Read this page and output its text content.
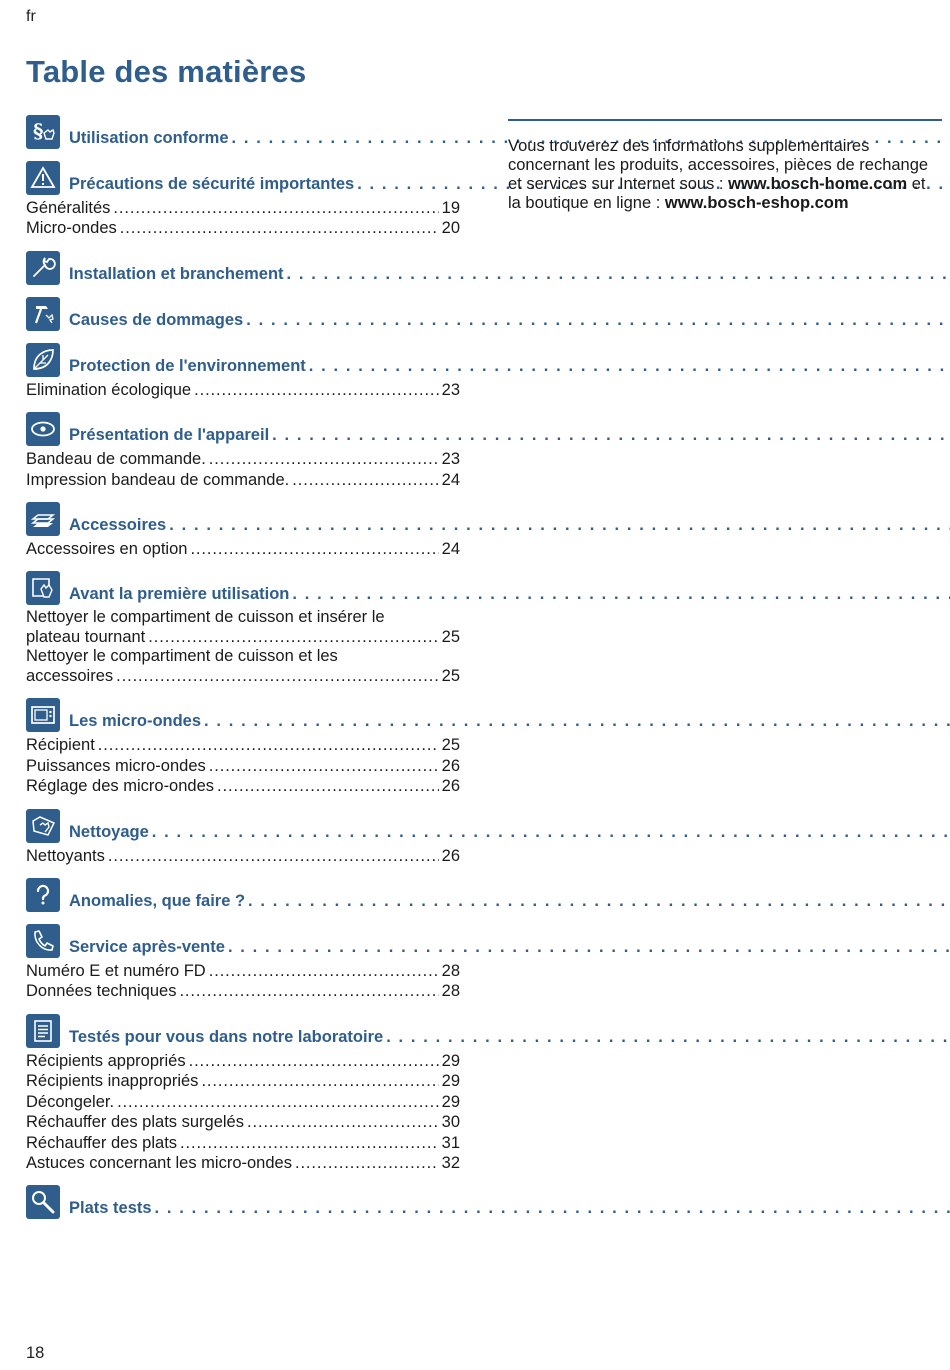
fr
Table des matières
§ Utilisation conforme
. . .
Précautions de sécurité importantes
. . .
Généralités .....	19
Micro-ondes .....	20
Installation et branchement
. . .
Causes de dommages
. . .
Protection de l'environnement
. . .
Elimination écologique .....	23
Présentation de l'appareil
. . .
Bandeau de commande. .....	23
Impression bandeau de commande. .....	24
Accessoires
. . .
Accessoires en option .....	24
Avant la première utilisation
. . .
Nettoyer le compartiment de cuisson et insérer le
plateau tournant .....	25
Nettoyer le compartiment de cuisson et les
accessoires .....	25
Les micro-ondes
. . .
Récipient .....	25
Puissances micro-ondes .....	26
Réglage des micro-ondes .....	26
Nettoyage
. . .
Nettoyants .....	26
Anomalies, que faire ?
. . .
Service après-vente
. . .
Numéro E et numéro FD .....	28
Données techniques .....	28
Testés pour vous dans notre laboratoire
. . .
Récipients appropriés .....	29
Récipients inappropriés .....	29
Décongeler. .....	29
Réchauffer des plats surgelés .....	30
Réchauffer des plats .....	31
Astuces concernant les micro-ondes .....	32
Plats tests
. . .
Vous trouverez des informations supplementaires concernant les produits, accessoires, pièces de rechange et services sur Internet sous : www.bosch-home.com et la boutique en ligne : www.bosch-eshop.com
18
